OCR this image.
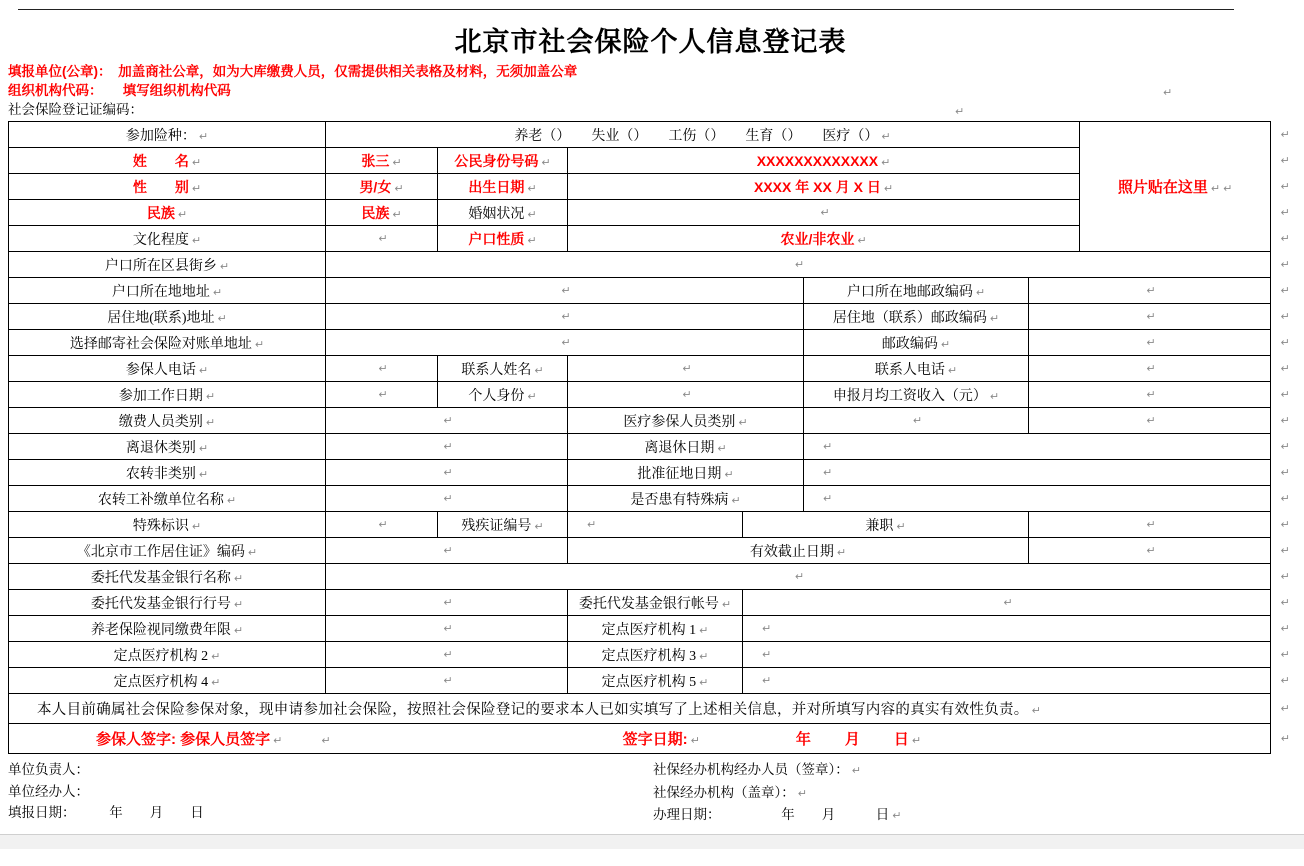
北京市社会保险个人信息登记表
填报单位(公章)：　加盖商社公章，如为大库缴费人员，仅需提供相关表格及材料，无须加盖公章
组织机构代码：　　填写组织机构代码	↵
社会保险登记证编码：	↵
参加险种： ↵	养老（）　　失业（）　　工伤（）　　生育（）　　医疗（） ↵						照片贴在这里 ↵ ↵	↵
姓　　名 ↵	张三 ↵	公民身份号码 ↵	XXXXXXXXXXXXX ↵					↵
性　　别 ↵	男/女 ↵	出生日期 ↵	XXXX 年 XX 月 X 日 ↵					↵
民族 ↵	民族 ↵	婚姻状况 ↵	↵					↵
文化程度 ↵	↵	户口性质 ↵	农业/非农业 ↵					↵
户口所在区县街乡 ↵	↵							↵
户口所在地地址 ↵	↵				户口所在地邮政编码 ↵	↵		↵
居住地(联系)地址 ↵	↵				居住地（联系）邮政编码 ↵	↵		↵
选择邮寄社会保险对账单地址 ↵	↵				邮政编码 ↵	↵		↵
参保人电话 ↵	↵	联系人姓名 ↵	↵		联系人电话 ↵	↵		↵
参加工作日期 ↵	↵	个人身份 ↵	↵		申报月均工资收入（元） ↵	↵		↵
缴费人员类别 ↵	↵		医疗参保人员类别 ↵		↵	↵		↵
离退休类别 ↵	↵		离退休日期 ↵		↵			↵
农转非类别 ↵	↵		批准征地日期 ↵		↵			↵
农转工补缴单位名称 ↵	↵		是否患有特殊病 ↵		↵			↵
特殊标识 ↵	↵	残疾证编号 ↵	↵	兼职 ↵		↵		↵
《北京市工作居住证》编码 ↵	↵		有效截止日期 ↵			↵		↵
委托代发基金银行名称 ↵	↵							↵
委托代发基金银行行号 ↵	↵		委托代发基金银行帐号 ↵	↵				↵
养老保险视同缴费年限 ↵	↵		定点医疗机构 1 ↵	↵				↵
定点医疗机构 2 ↵	↵		定点医疗机构 3 ↵	↵				↵
定点医疗机构 4 ↵	↵		定点医疗机构 5 ↵	↵				↵
本人目前确属社会保险参保对象，现申请参加社会保险，按照社会保险登记的要求本人已如实填写了上述相关信息，并对所填写内容的真实有效性负责。 ↵								↵
参保人签字: 参保人员签字 ↵ ↵ 签字日期: ↵ 年 月 日 ↵								↵
单位负责人：
单位经办人：
填报日期：　　　年　　月　　日
社保经办机构经办人员（签章）： ↵
社保经办机构（盖章）： ↵
办理日期：　　　　　年　　月　　　日 ↵
